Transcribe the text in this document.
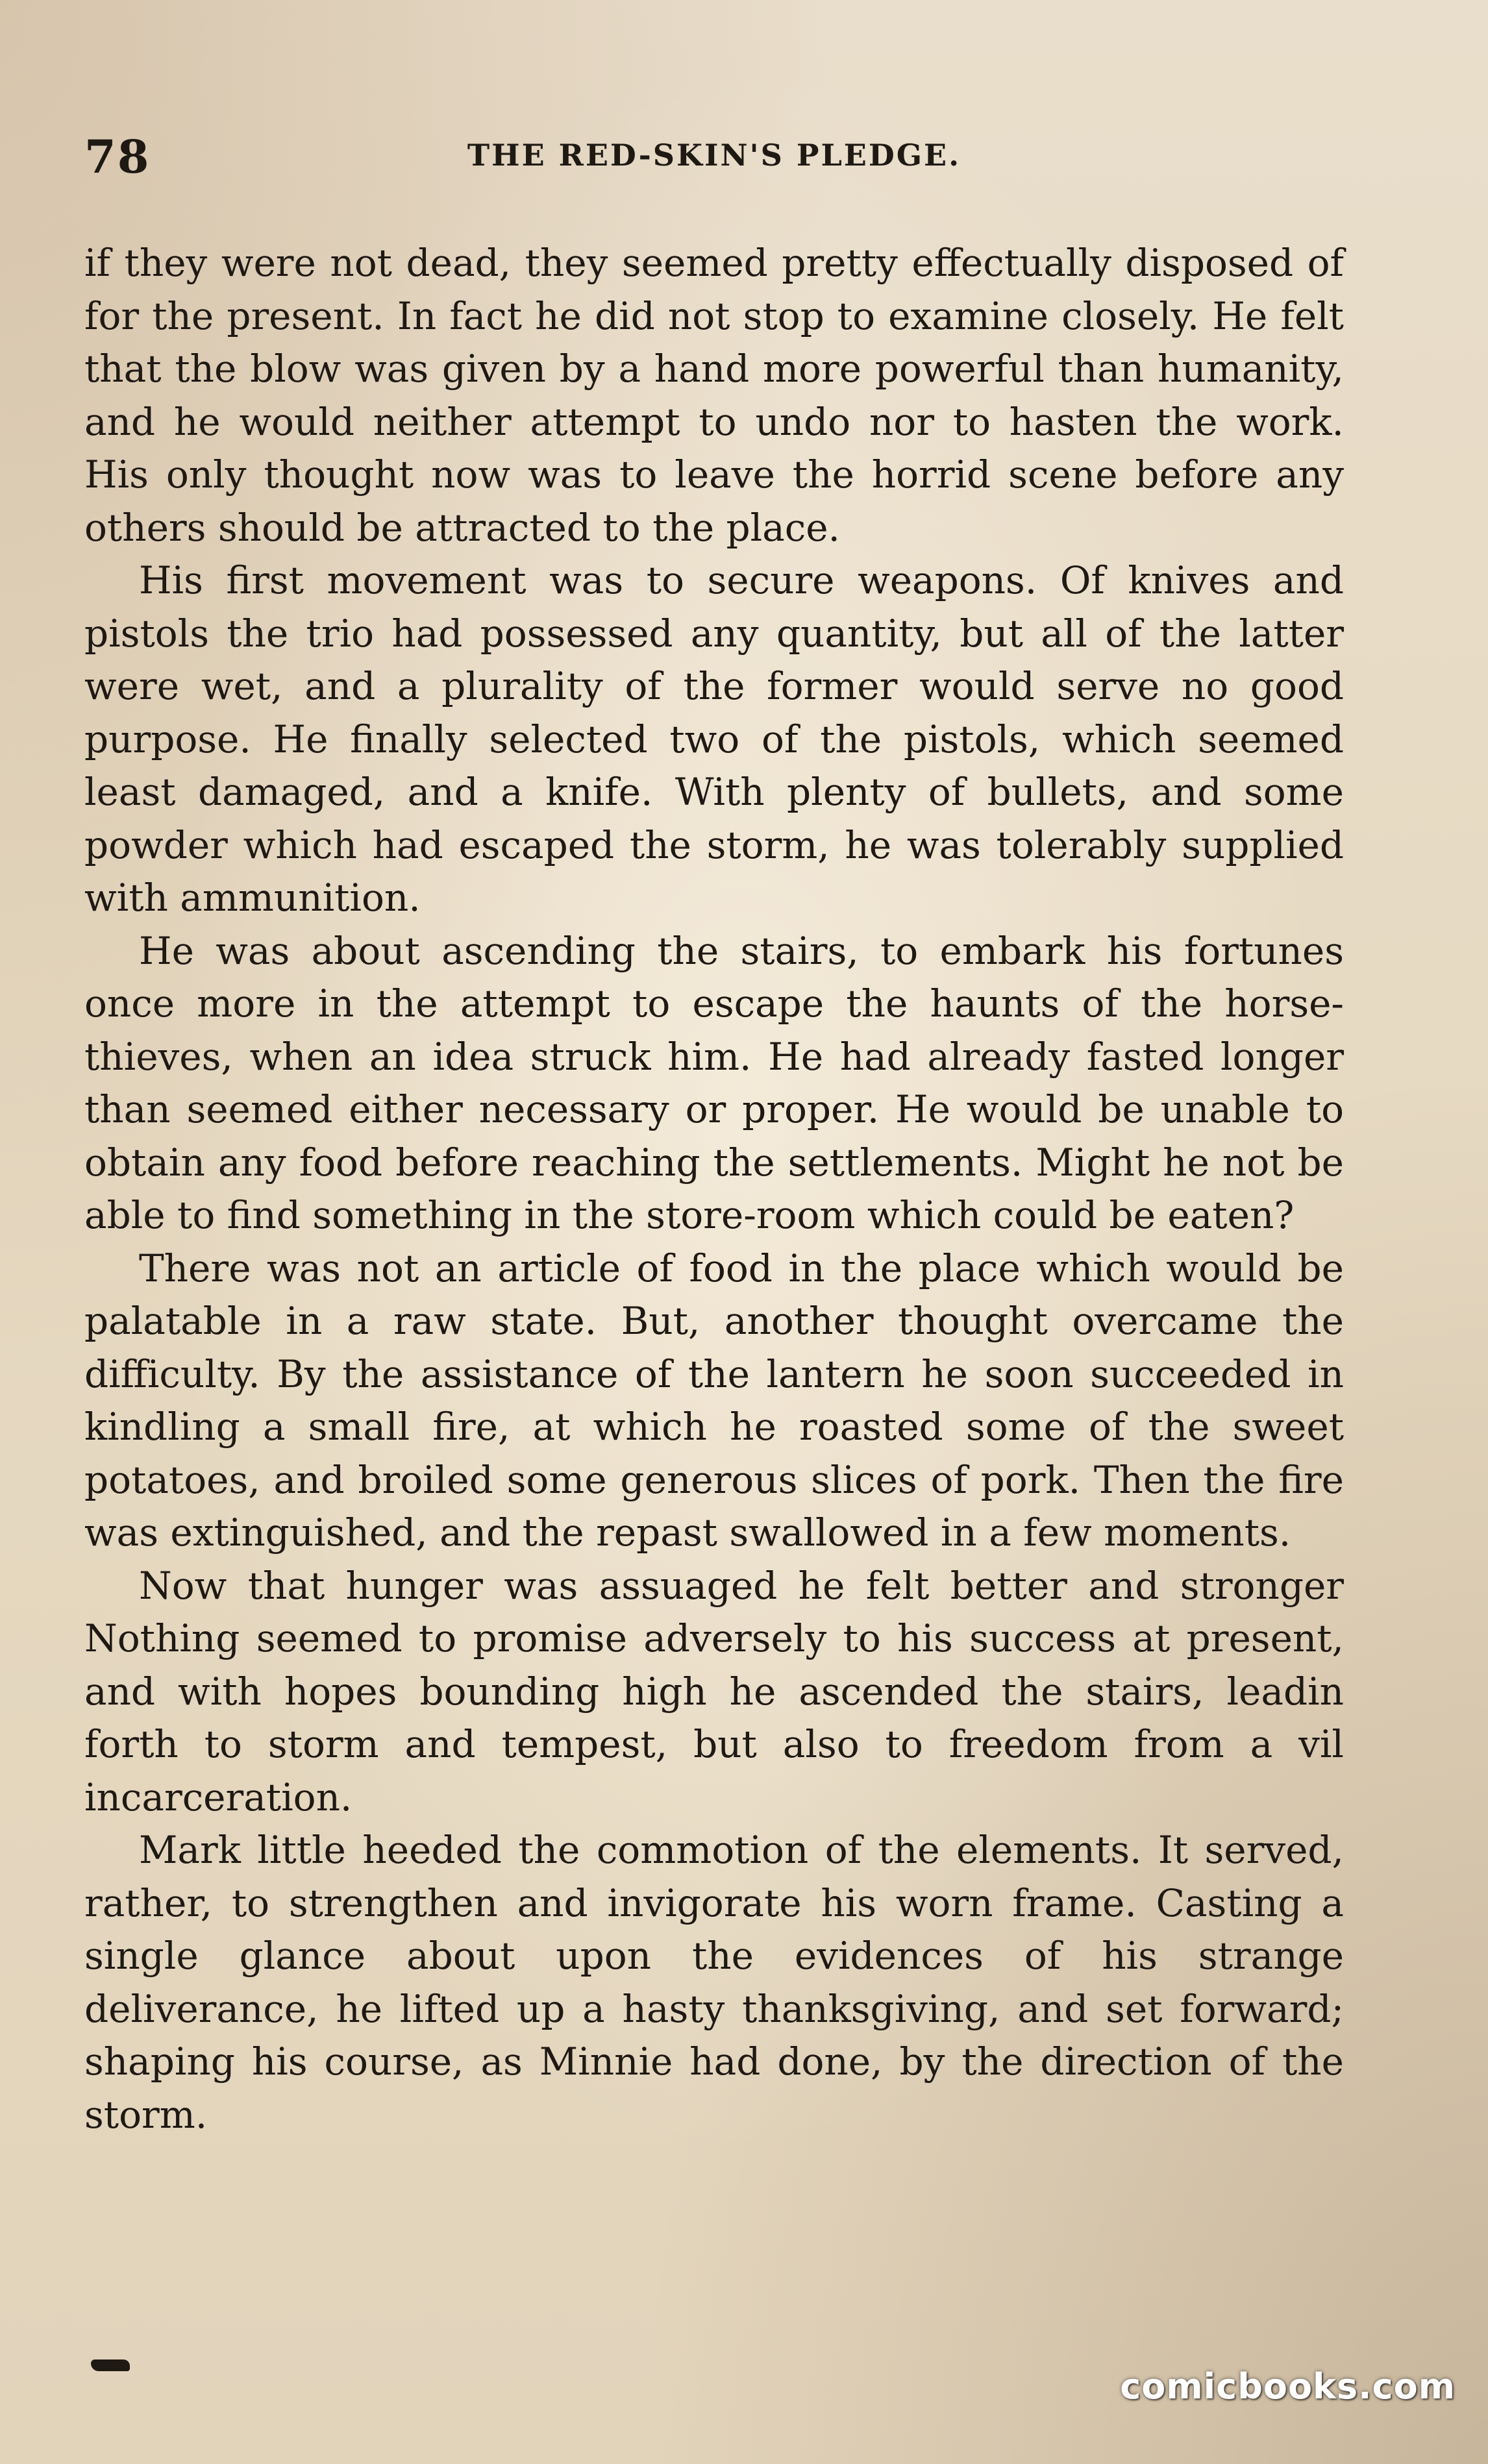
78	THE RED-SKIN'S PLEDGE.

if they were not dead, they seemed pretty effectually disposed of for the present. In fact he did not stop to examine closely. He felt that the blow was given by a hand more powerful than humanity, and he would neither attempt to undo nor to hasten the work. His only thought now was to leave the horrid scene before any others should be attracted to the place.

His first movement was to secure weapons. Of knives and pistols the trio had possessed any quantity, but all of the latter were wet, and a plurality of the former would serve no good purpose. He finally selected two of the pistols, which seemed least damaged, and a knife. With plenty of bullets, and some powder which had escaped the storm, he was tolerably supplied with ammunition.

He was about ascending the stairs, to embark his fortunes once more in the attempt to escape the haunts of the horse-thieves, when an idea struck him. He had already fasted longer than seemed either necessary or proper. He would be unable to obtain any food before reaching the settlements. Might he not be able to find something in the store-room which could be eaten?

There was not an article of food in the place which would be palatable in a raw state. But, another thought overcame the difficulty. By the assistance of the lantern he soon succeeded in kindling a small fire, at which he roasted some of the sweet potatoes, and broiled some generous slices of pork. Then the fire was extinguished, and the repast swallowed in a few moments.

Now that hunger was assuaged he felt better and stronger Nothing seemed to promise adversely to his success at present, and with hopes bounding high he ascended the stairs, leadin forth to storm and tempest, but also to freedom from a vil incarceration.

Mark little heeded the commotion of the elements. It served, rather, to strengthen and invigorate his worn frame. Casting a single glance about upon the evidences of his strange deliverance, he lifted up a hasty thanksgiving, and set forward; shaping his course, as Minnie had done, by the direction of the storm.

comicbooks.com
